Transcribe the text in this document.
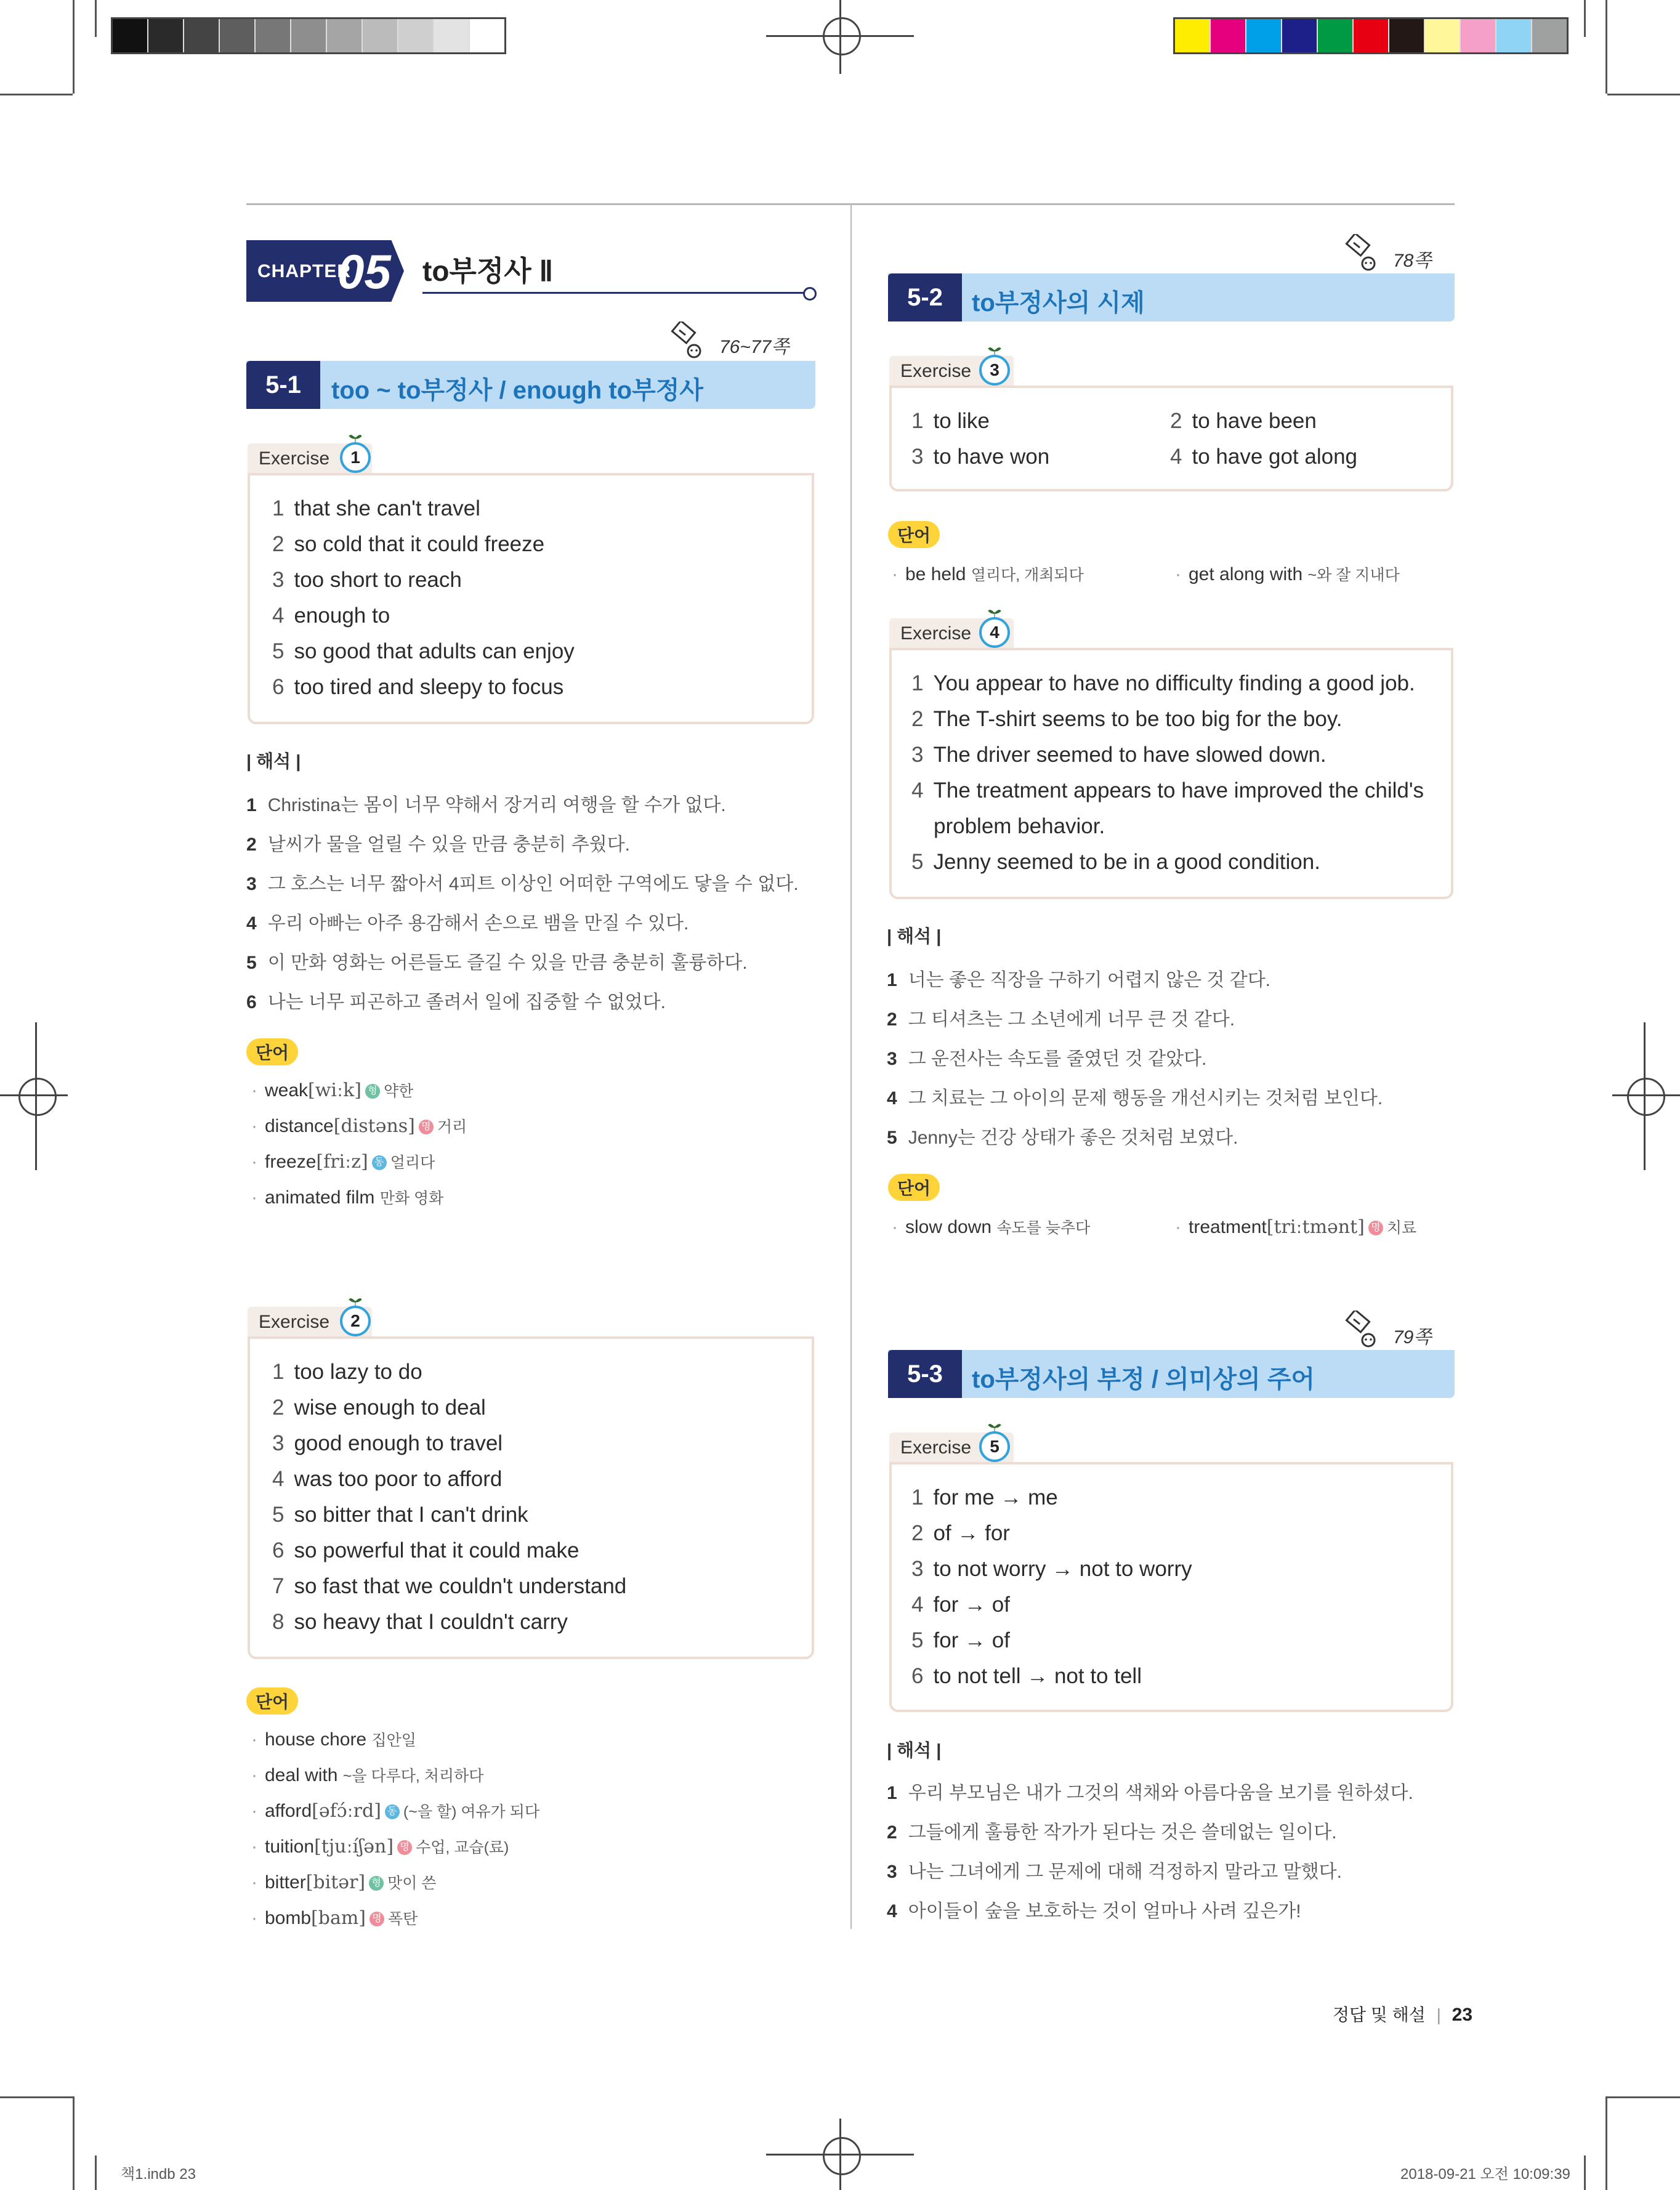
CHAPTER
05 to부정사 Ⅱ
76~77쪽
5-1	too ~ to부정사 / enough to부정사
Exercise	1
1 that she can't travel
2 so cold that it could freeze
3 too short to reach
4 enough to
5 so good that adults can enjoy
6 too tired and sleepy to focus
| 해석 |
1 Christina는 몸이 너무 약해서 장거리 여행을 할 수가 없다.
2 날씨가 물을 얼릴 수 있을 만큼 충분히 추웠다.
3 그 호스는 너무 짧아서 4피트 이상인 어떠한 구역에도 닿을 수 없다.
4 우리 아빠는 아주 용감해서 손으로 뱀을 만질 수 있다.
5 이 만화 영화는 어른들도 즐길 수 있을 만큼 충분히 훌륭하다.
6 나는 너무 피곤하고 졸려서 일에 집중할 수 없었다.
단어
· weak[wiːk] 형 약한
· distance[distəns] 명 거리
· freeze[friːz] 동 얼리다
· animated film 만화 영화
Exercise	2
1 too lazy to do
2 wise enough to deal
3 good enough to travel
4 was too poor to afford
5 so bitter that I can't drink
6 so powerful that it could make
7 so fast that we couldn't understand
8 so heavy that I couldn't carry
단어
· house chore 집안일
· deal with ~을 다루다, 처리하다
· afford[əfɔ́ːrd] 동 (~을 할) 여유가 되다
· tuition[tjuːíʃən] 명 수업, 교습(료)
· bitter[bitər] 형 맛이 쓴
· bomb[bam] 명 폭탄
78쪽
5-2	to부정사의 시제
Exercise	3
1 to like	2 to have been
3 to have won	4 to have got along
단어
· be held 열리다, 개최되다	· get along with ~와 잘 지내다
Exercise	4
1 You appear to have no difficulty finding a good job.
2 The T-shirt seems to be too big for the boy.
3 The driver seemed to have slowed down.
4 The treatment appears to have improved the child's
problem behavior.
5 Jenny seemed to be in a good condition.
| 해석 |
1 너는 좋은 직장을 구하기 어렵지 않은 것 같다.
2 그 티셔츠는 그 소년에게 너무 큰 것 같다.
3 그 운전사는 속도를 줄였던 것 같았다.
4 그 치료는 그 아이의 문제 행동을 개선시키는 것처럼 보인다.
5 Jenny는 건강 상태가 좋은 것처럼 보였다.
단어
· slow down 속도를 늦추다	· treatment[triːtmənt] 명 치료
79쪽
5-3	to부정사의 부정 / 의미상의 주어
Exercise	5
1 for me → me
2 of → for
3 to not worry → not to worry
4 for → of
5 for → of
6 to not tell → not to tell
| 해석 |
1 우리 부모님은 내가 그것의 색채와 아름다움을 보기를 원하셨다.
2 그들에게 훌륭한 작가가 된다는 것은 쓸데없는 일이다.
3 나는 그녀에게 그 문제에 대해 걱정하지 말라고 말했다.
4 아이들이 숲을 보호하는 것이 얼마나 사려 깊은가!
정답 및 해설 | 23
책1.indb 23	2018-09-21 오전 10:09:39
